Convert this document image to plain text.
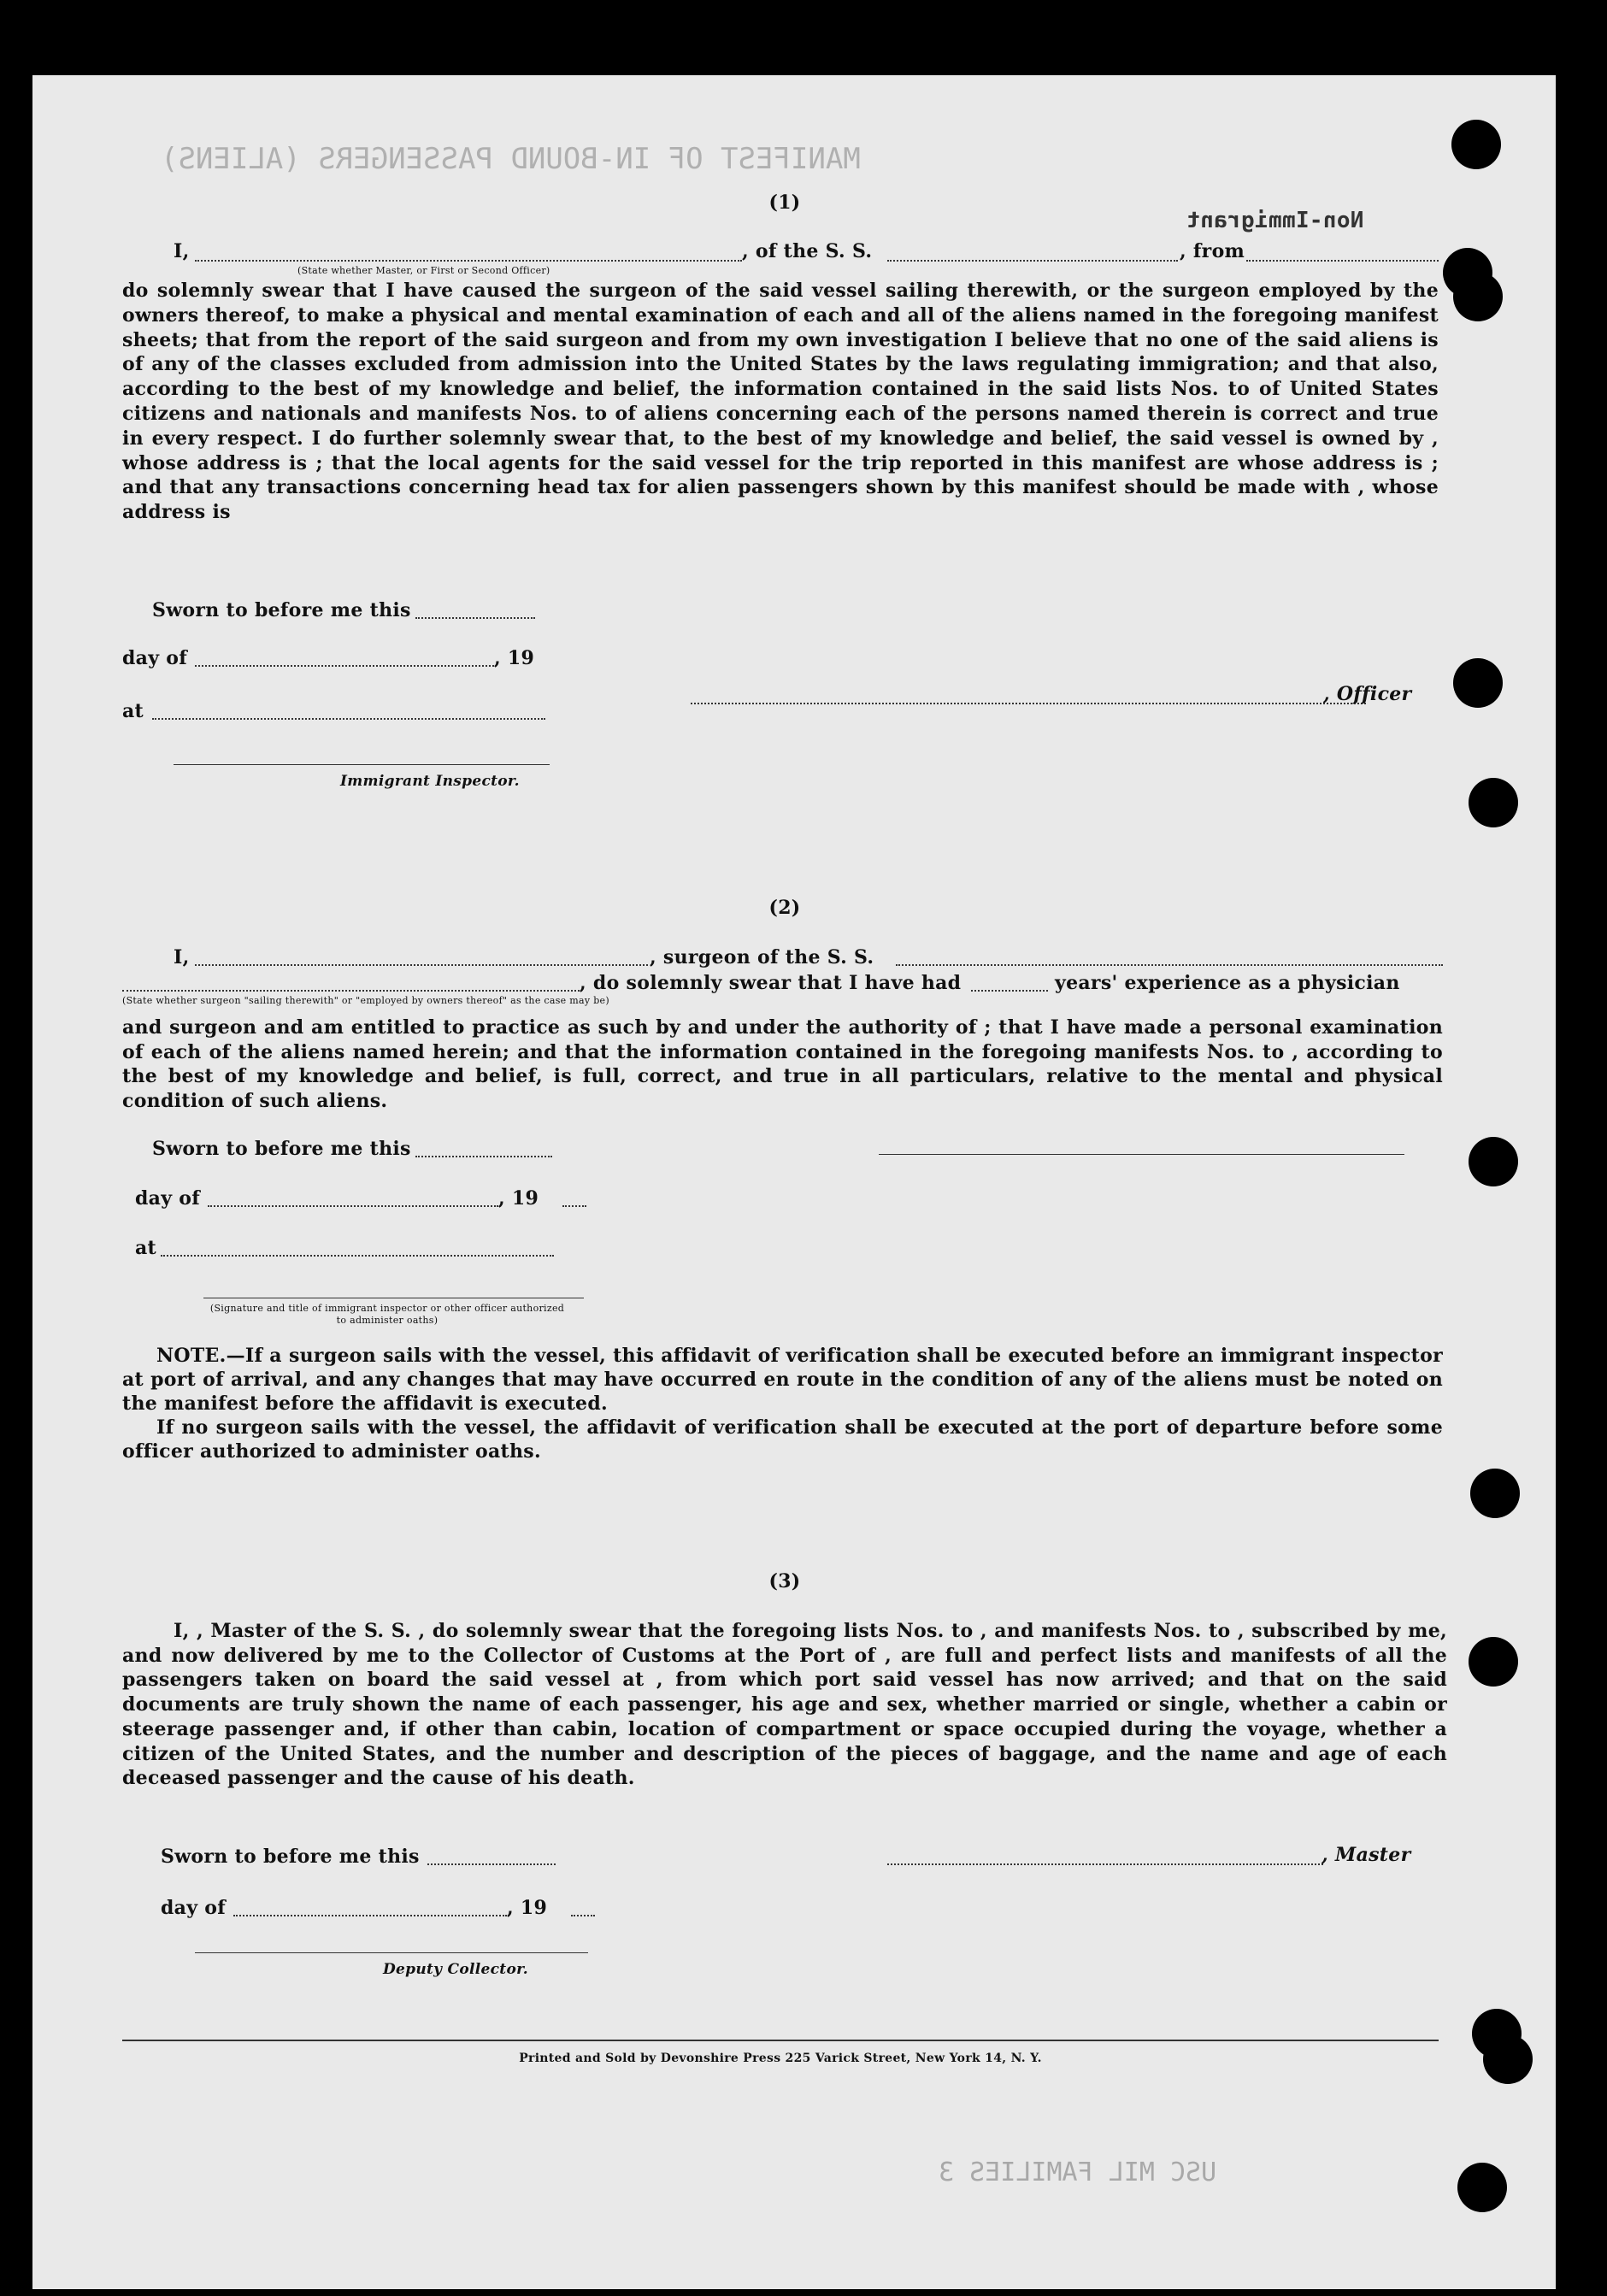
MANIFEST OF IN-BOUND PASSENGERS (ALIENS)
USC MIL FAMILIES 3
Non-Immigrant
(1)
I,	, of the S. S.	, from
(State whether Master, or First or Second Officer)
do solemnly swear that I have caused the surgeon of the said vessel sailing therewith, or the surgeon employed by the owners thereof, to make a physical and mental examination of each and all of the aliens named in the foregoing manifest sheets; that from the report of the said surgeon and from my own investigation I believe that no one of the said aliens is of any of the classes excluded from admission into the United States by the laws regulating immigration; and that also, according to the best of my knowledge and belief, the information contained in the said lists Nos. to of United States citizens and nationals and manifests Nos. to of aliens concerning each of the persons named therein is correct and true in every respect. I do further solemnly swear that, to the best of my knowledge and belief, the said vessel is owned by , whose address is ; that the local agents for the said vessel for the trip reported in this manifest are whose address is ; and that any transactions concerning head tax for alien passengers shown by this manifest should be made with , whose address is
Sworn to before me this
day of	, 19
, Officer
at
Immigrant Inspector.
(2)
I,	, surgeon of the S. S.
, do solemnly swear that I have had	years' experience as a physician
(State whether surgeon "sailing therewith" or "employed by owners thereof" as the case may be)
and surgeon and am entitled to practice as such by and under the authority of ; that I have made a personal examination of each of the aliens named herein; and that the information contained in the foregoing manifests Nos. to , according to the best of my knowledge and belief, is full, correct, and true in all particulars, relative to the mental and physical condition of such aliens.
Sworn to before me this
day of	, 19
at
(Signature and title of immigrant inspector or other officer authorized to administer oaths)
NOTE.—If a surgeon sails with the vessel, this affidavit of verification shall be executed before an immigrant inspector at port of arrival, and any changes that may have occurred en route in the condition of any of the aliens must be noted on the manifest before the affidavit is executed.
If no surgeon sails with the vessel, the affidavit of verification shall be executed at the port of departure before some officer authorized to administer oaths.
(3)
I, , Master of the S. S. , do solemnly swear that the foregoing lists Nos. to , and manifests Nos. to , subscribed by me, and now delivered by me to the Collector of Customs at the Port of , are full and perfect lists and manifests of all the passengers taken on board the said vessel at , from which port said vessel has now arrived; and that on the said documents are truly shown the name of each passenger, his age and sex, whether married or single, whether a cabin or steerage passenger and, if other than cabin, location of compartment or space occupied during the voyage, whether a citizen of the United States, and the number and description of the pieces of baggage, and the name and age of each deceased passenger and the cause of his death.
Sworn to before me this	, Master
day of	, 19
Deputy Collector.
Printed and Sold by Devonshire Press 225 Varick Street, New York 14, N. Y.
